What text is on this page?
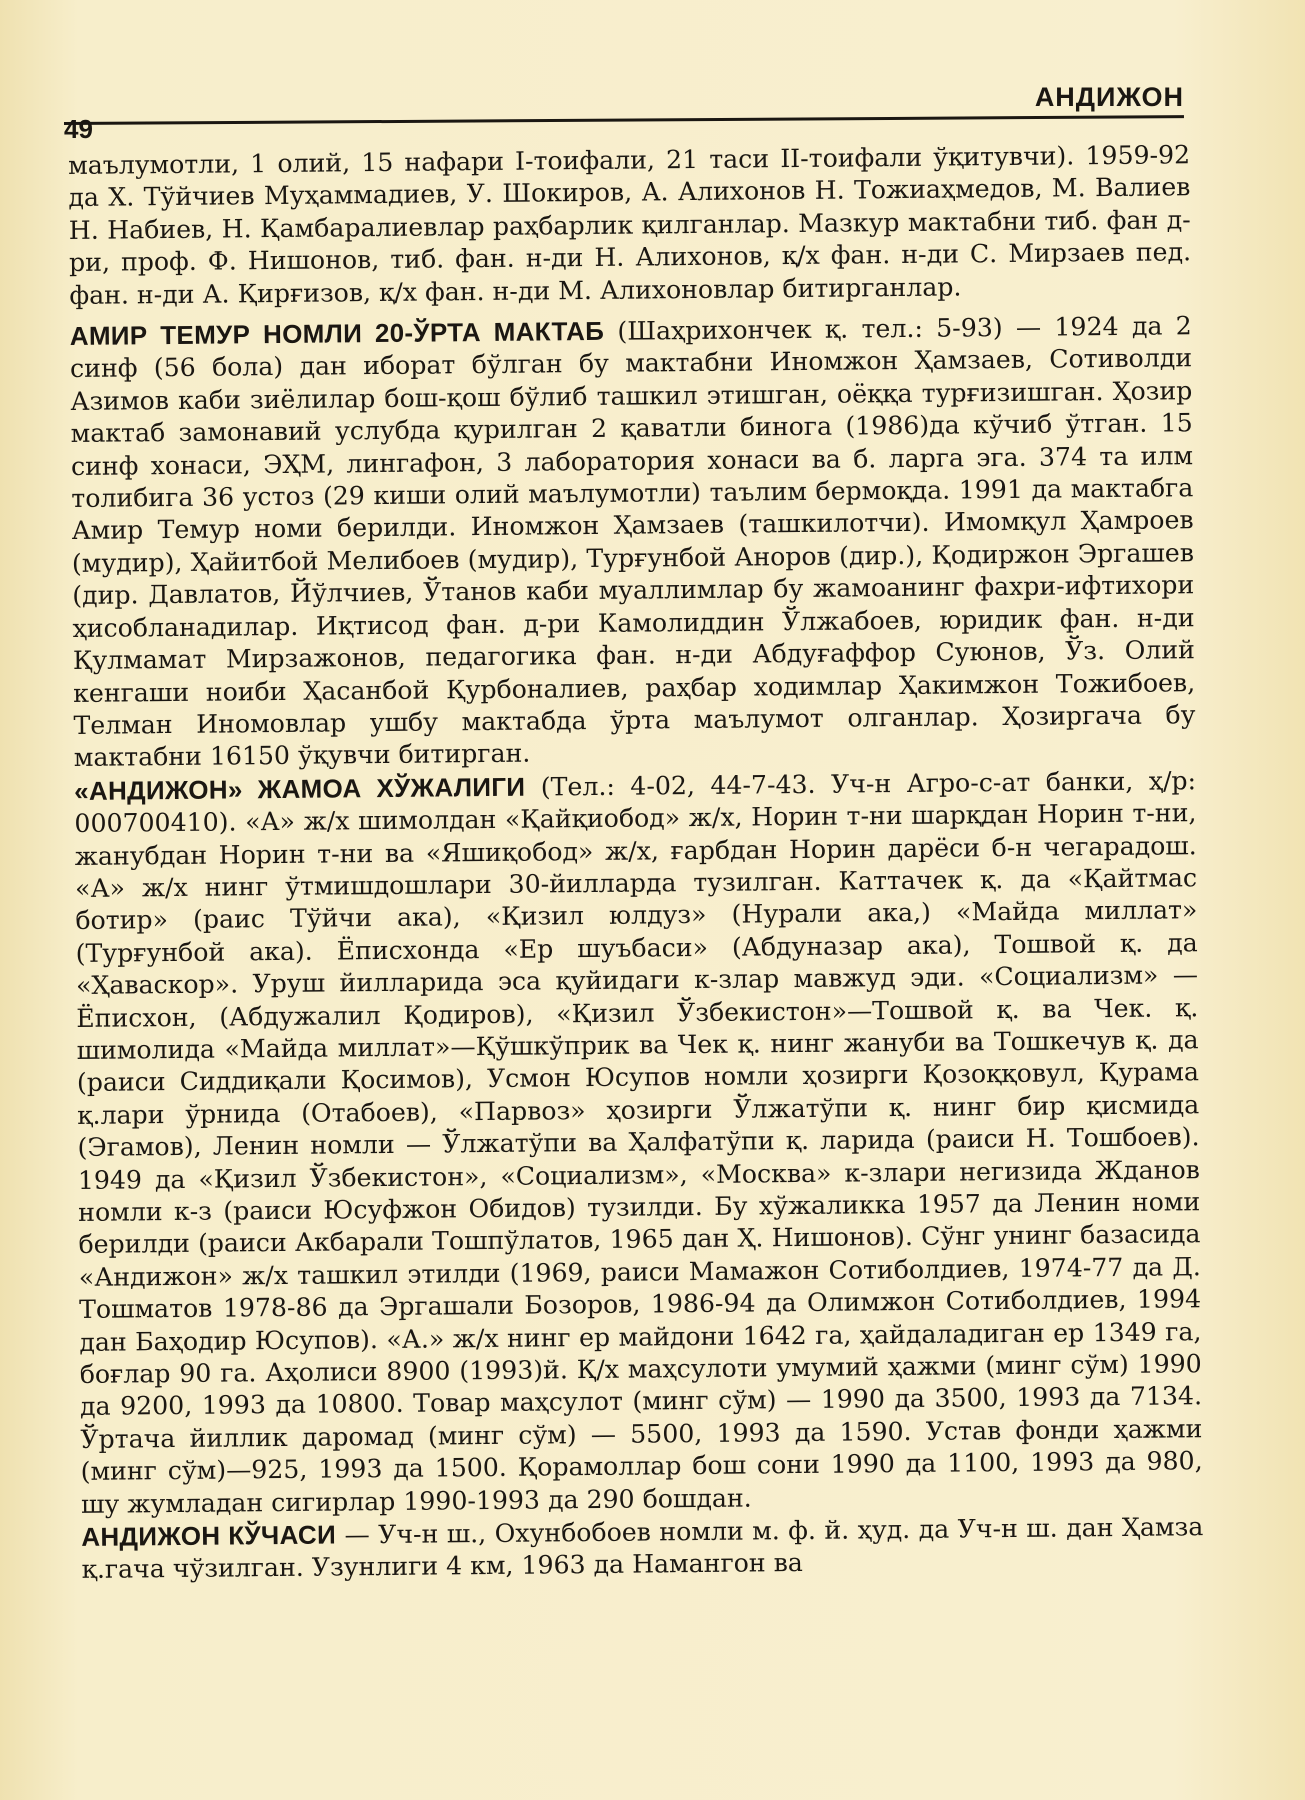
49
АНДИЖОН

маълумотли, 1 олий, 15 нафари I-тоифали, 21 таси II-тоифали ўқитувчи). 1959-92 да Х. Тўйчиев Муҳаммадиев, У. Шокиров, А. Алихонов Н. Тожиаҳмедов, М. Валиев Н. Набиев, Н. Қамбаралиевлар раҳбарлик қилганлар. Мазкур мактабни тиб. фан д-ри, проф. Ф. Нишонов, тиб. фан. н-ди Н. Алихонов, қ/х фан. н-ди С. Мирзаев пед. фан. н-ди А. Қирғизов, қ/х фан. н-ди М. Алихоновлар битирганлар.

АМИР ТЕМУР НОМЛИ 20-ЎРТА МАКТАБ (Шаҳрихончек қ. тел.: 5-93) — 1924 да 2 синф (56 бола) дан иборат бўлган бу мактабни Иномжон Ҳамзаев, Сотиволди Азимов каби зиёлилар бош-қош бўлиб ташкил этишган, оёққа турғизишган. Ҳозир мактаб замонавий услубда қурилган 2 қаватли бинога (1986)да кўчиб ўтган. 15 синф хонаси, ЭҲМ, лингафон, 3 лаборатория хонаси ва б. ларга эга. 374 та илм толибига 36 устоз (29 киши олий маълумотли) таълим бермоқда. 1991 да мактабга Амир Темур номи берилди. Иномжон Ҳамзаев (ташкилотчи). Имомқул Ҳамроев (мудир), Ҳайитбой Мелибоев (мудир), Турғунбой Аноров (дир.), Қодиржон Эргашев (дир. Давлатов, Йўлчиев, Ўтанов каби муаллимлар бу жамоанинг фахри-ифтихори ҳисобланадилар. Иқтисод фан. д-ри Камолиддин Ўлжабоев, юридик фан. н-ди Қулмамат Мирзажонов, педагогика фан. н-ди Абдуғаффор Суюнов, Ўз. Олий кенгаши ноиби Ҳасанбой Қурбоналиев, раҳбар ходимлар Ҳакимжон Тожибоев, Телман Иномовлар ушбу мактабда ўрта маълумот олганлар. Ҳозиргача бу мактабни 16150 ўқувчи битирган.

«АНДИЖОН» ЖАМОА ХЎЖАЛИГИ (Тел.: 4-02, 44-7-43. Уч-н Агро-с-ат банки, ҳ/р: 000700410). «А» ж/х шимолдан «Қайқиобод» ж/х, Норин т-ни шарқдан Норин т-ни, жанубдан Норин т-ни ва «Яшиқобод» ж/х, ғарбдан Норин дарёси б-н чегарадош. «А» ж/х нинг ўтмишдошлари 30-йилларда тузилган. Каттачек қ. да «Қайтмас ботир» (раис Тўйчи ака), «Қизил юлдуз» (Нурали ака,) «Майда миллат» (Турғунбой ака). Ёписхонда «Ер шуъбаси» (Абдуназар ака), Тошвой қ. да «Ҳаваскор». Уруш йилларида эса қуйидаги к-злар мавжуд эди. «Социализм» — Ёписхон, (Абдужалил Қодиров), «Қизил Ўзбекистон»—Тошвой қ. ва Чек. қ. шимолида «Майда миллат»—Қўшкўприк ва Чек қ. нинг жануби ва Тошкечув қ. да (раиси Сиддиқали Қосимов), Усмон Юсупов номли ҳозирги Қозоққовул, Қурама қ.лари ўрнида (Отабоев), «Парвоз» ҳозирги Ўлжатўпи қ. нинг бир қисмида (Эгамов), Ленин номли — Ўлжатўпи ва Ҳалфатўпи қ. ларида (раиси Н. Тошбоев). 1949 да «Қизил Ўзбекистон», «Социализм», «Москва» к-злари негизида Жданов номли к-з (раиси Юсуфжон Обидов) тузилди. Бу хўжаликка 1957 да Ленин номи берилди (раиси Акбарали Тошпўлатов, 1965 дан Ҳ. Нишонов). Сўнг унинг базасида «Андижон» ж/х ташкил этилди (1969, раиси Мамажон Сотиболдиев, 1974-77 да Д. Тошматов 1978-86 да Эргашали Бозоров, 1986-94 да Олимжон Сотиболдиев, 1994 дан Баҳодир Юсупов). «А.» ж/х нинг ер майдони 1642 га, ҳайдаладиган ер 1349 га, боғлар 90 га. Аҳолиси 8900 (1993)й. Қ/х маҳсулоти умумий ҳажми (минг сўм) 1990 да 9200, 1993 да 10800. Товар маҳсулот (минг сўм) — 1990 да 3500, 1993 да 7134. Ўртача йиллик даромад (минг сўм) — 5500, 1993 да 1590. Устав фонди ҳажми (минг сўм)—925, 1993 да 1500. Қорамоллар бош сони 1990 да 1100, 1993 да 980, шу жумладан сигирлар 1990-1993 да 290 бошдан.

АНДИЖОН КЎЧАСИ — Уч-н ш., Охунбобоев номли м. ф. й. ҳуд. да Уч-н ш. дан Ҳамза қ.гача чўзилган. Узунлиги 4 км, 1963 да Намангон ва
